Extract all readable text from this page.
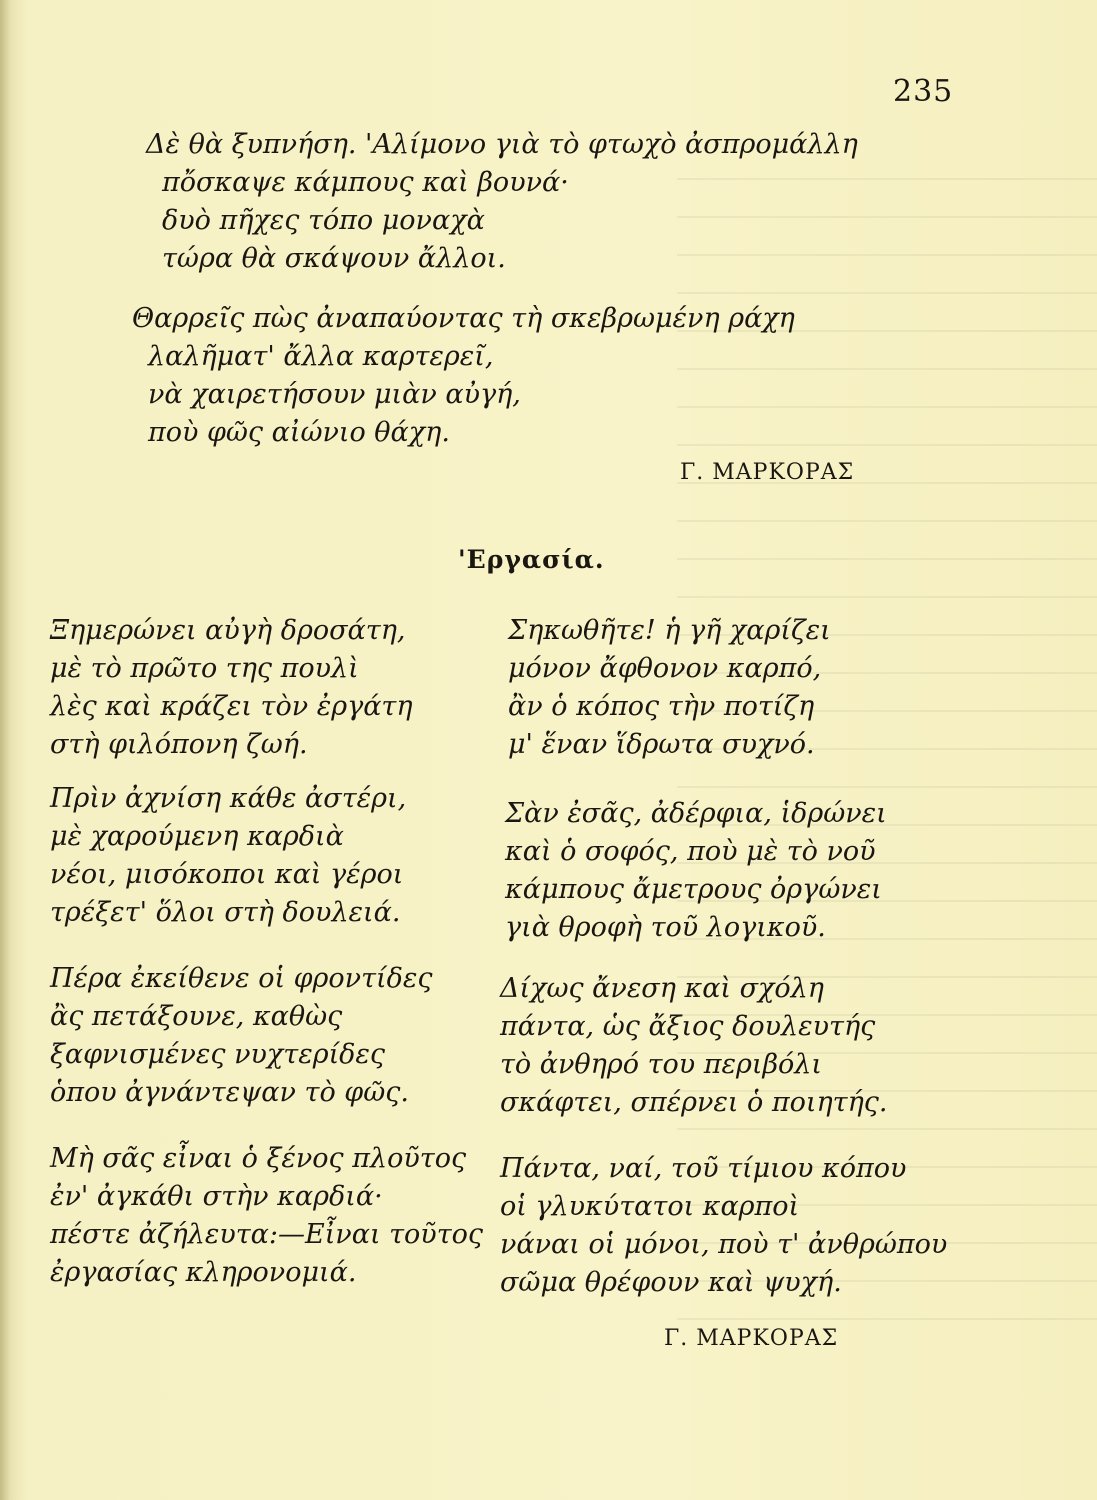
235
Δὲ θὰ ξυπνήση. 'Αλίμονο γιὰ τὸ φτωχὸ ἀσπρομάλλη
πὄσκαψε κάμπους καὶ βουνά·
δυὸ πῆχες τόπο μοναχὰ
τώρα θὰ σκάψουν ἄλλοι.
Θαρρεῖς πὼς ἀναπαύοντας τὴ σκεβρωμένη ράχη
λαλῆματ' ἄλλα καρτερεῖ,
νὰ χαιρετήσουν μιὰν αὐγή,
ποὺ φῶς αἰώνιο θάχη.
Γ. ΜΑΡΚΟΡΑΣ
'Εργασία.
Ξημερώνει αὐγὴ δροσάτη,
μὲ τὸ πρῶτο της πουλὶ
λὲς καὶ κράζει τὸν ἐργάτη
στὴ φιλόπονη ζωή.
Πρὶν ἀχνίση κάθε ἀστέρι,
μὲ χαρούμενη καρδιὰ
νέοι, μισόκοποι καὶ γέροι
τρέξετ' ὅλοι στὴ δουλειά.
Πέρα ἐκείθενε οἱ φροντίδες
ἂς πετάξουνε, καθὼς
ξαφνισμένες νυχτερίδες
ὁπου ἀγνάντεψαν τὸ φῶς.
Μὴ σᾶς εἶναι ὁ ξένος πλοῦτος
ἐν' ἀγκάθι στὴν καρδιά·
πέστε ἀζήλευτα:—Εἶναι τοῦτος
ἐργασίας κληρονομιά.
Σηκωθῆτε! ἡ γῆ χαρίζει
μόνον ἄφθονον καρπό,
ἂν ὁ κόπος τὴν ποτίζη
μ' ἕναν ἵδρωτα συχνό.
Σὰν ἐσᾶς, ἀδέρφια, ἱδρώνει
καὶ ὁ σοφός, ποὺ μὲ τὸ νοῦ
κάμπους ἄμετρους ὀργώνει
γιὰ θροφὴ τοῦ λογικοῦ.
Δίχως ἄνεση καὶ σχόλη
πάντα, ὡς ἄξιος δουλευτής
τὸ ἀνθηρό του περιβόλι
σκάφτει, σπέρνει ὁ ποιητής.
Πάντα, ναί, τοῦ τίμιου κόπου
οἱ γλυκύτατοι καρποὶ
νάναι οἱ μόνοι, ποὺ τ' ἀνθρώπου
σῶμα θρέφουν καὶ ψυχή.
Γ. ΜΑΡΚΟΡΑΣ
